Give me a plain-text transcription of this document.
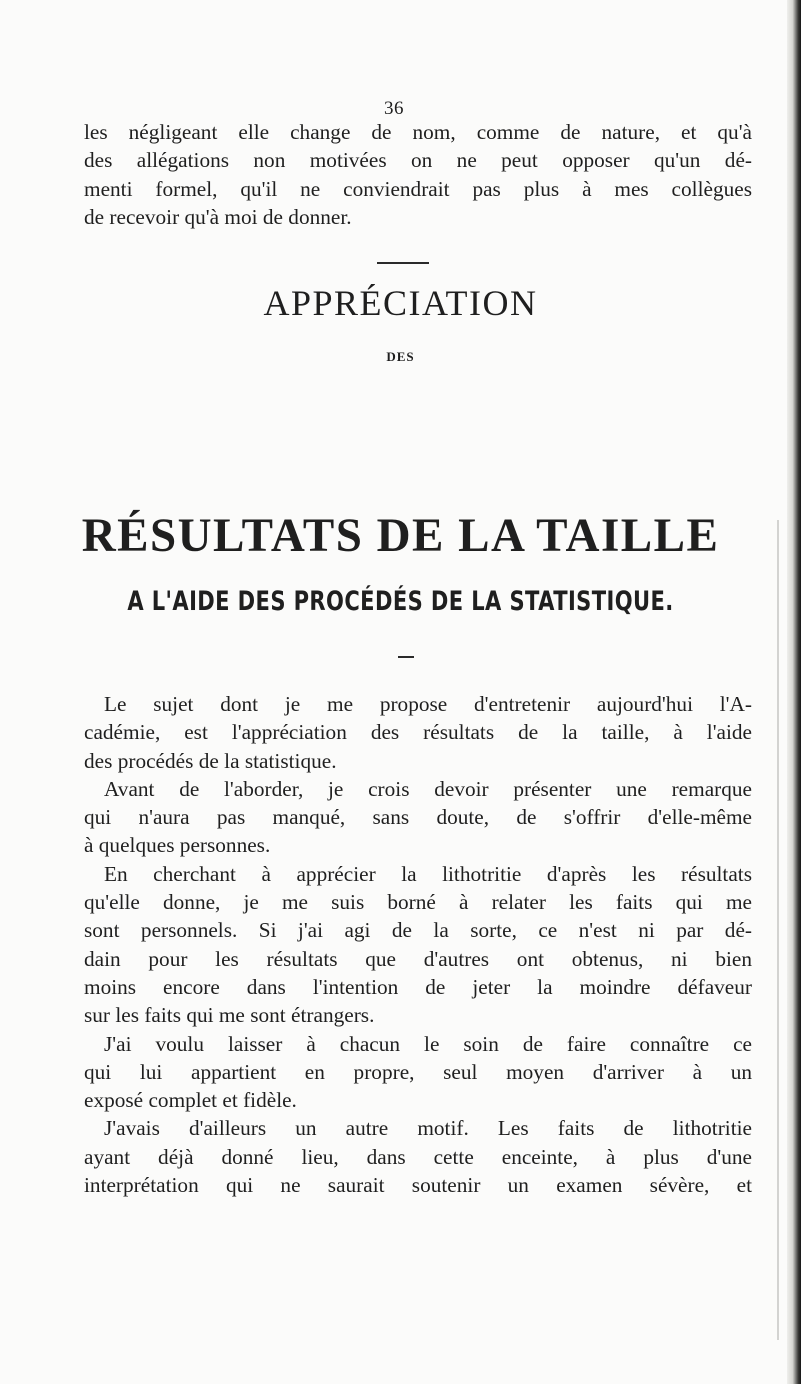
36
les négligeant elle change de nom, comme de nature, et qu'à
des allégations non motivées on ne peut opposer qu'un dé-
menti formel, qu'il ne conviendrait pas plus à mes collègues
de recevoir qu'à moi de donner.
APPRÉCIATION
DES
RÉSULTATS DE LA TAILLE
A L'AIDE DES PROCÉDÉS DE LA STATISTIQUE.
Le sujet dont je me propose d'entretenir aujourd'hui l'A-
cadémie, est l'appréciation des résultats de la taille, à l'aide
des procédés de la statistique.
Avant de l'aborder, je crois devoir présenter une remarque
qui n'aura pas manqué, sans doute, de s'offrir d'elle-même
à quelques personnes.
En cherchant à apprécier la lithotritie d'après les résultats
qu'elle donne, je me suis borné à relater les faits qui me
sont personnels. Si j'ai agi de la sorte, ce n'est ni par dé-
dain pour les résultats que d'autres ont obtenus, ni bien
moins encore dans l'intention de jeter la moindre défaveur
sur les faits qui me sont étrangers.
J'ai voulu laisser à chacun le soin de faire connaître ce
qui lui appartient en propre, seul moyen d'arriver à un
exposé complet et fidèle.
J'avais d'ailleurs un autre motif. Les faits de lithotritie
ayant déjà donné lieu, dans cette enceinte, à plus d'une
interprétation qui ne saurait soutenir un examen sévère, et
